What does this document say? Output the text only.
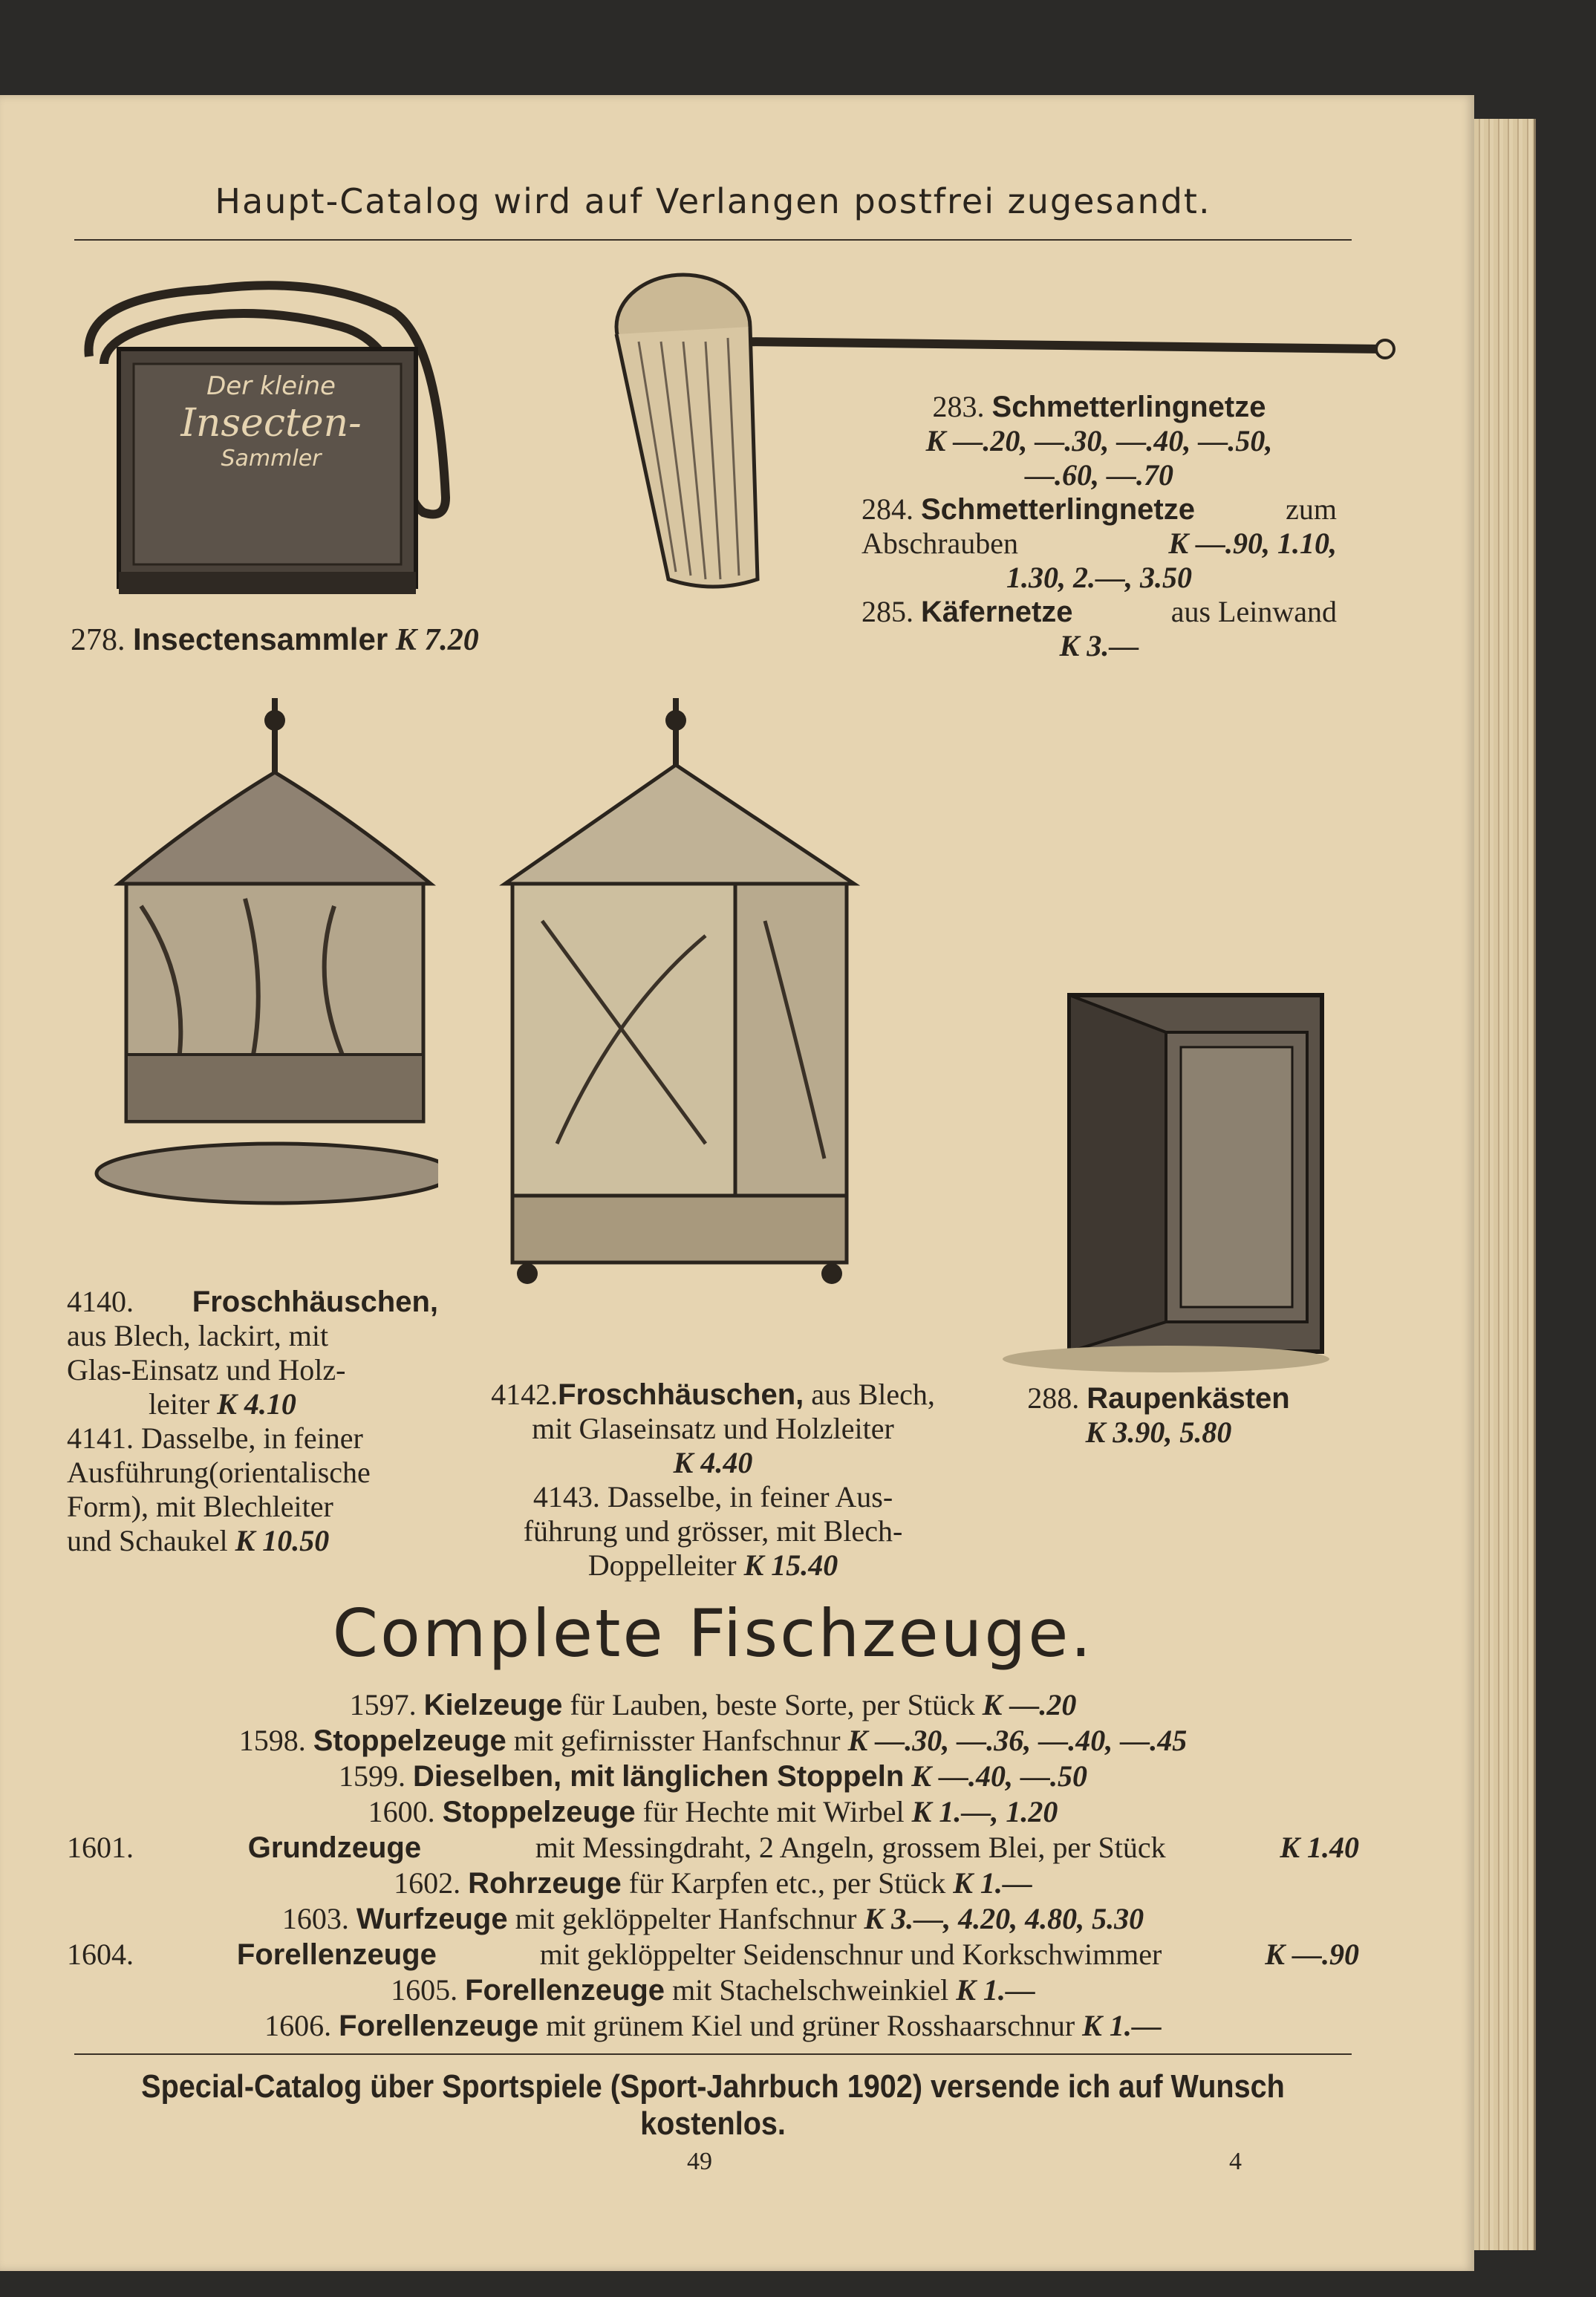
Haupt-Catalog wird auf Verlangen postfrei zugesandt.
Der kleine
Insecten-
Sammler
278. Insectensammler K 7.20
283. Schmetterlingnetze
K —.20, —.30, —.40, —.50,
—.60, —.70
284. Schmetterlingnetze	zum
Abschrauben	K —.90, 1.10,
1.30, 2.—, 3.50
285. Käfernetze	aus Leinwand
K 3.—
4140. Froschhäuschen,
aus Blech, lackirt, mit
Glas-Einsatz und Holz-
leiter K 4.10
4141. Dasselbe, in feiner
Ausführung(orientalische
Form), mit Blechleiter
und Schaukel K 10.50
4142.Froschhäuschen, aus Blech,
mit Glaseinsatz und Holzleiter
K 4.40
4143. Dasselbe, in feiner Aus-
führung und grösser, mit Blech-
Doppelleiter K 15.40
288. Raupenkästen
K 3.90, 5.80
Complete Fischzeuge.
1597. Kielzeuge für Lauben, beste Sorte, per Stück K —.20
1598. Stoppelzeuge mit gefirnisster Hanfschnur K —.30, —.36, —.40, —.45
1599. Dieselben, mit länglichen Stoppeln K —.40, —.50
1600. Stoppelzeuge für Hechte mit Wirbel K 1.—, 1.20
1601.	Grundzeuge	mit Messingdraht, 2 Angeln, grossem Blei, per Stück	K 1.40
1602. Rohrzeuge für Karpfen etc., per Stück K 1.—
1603. Wurfzeuge mit geklöppelter Hanfschnur K 3.—, 4.20, 4.80, 5.30
1604.	Forellenzeuge	mit geklöppelter Seidenschnur und Korkschwimmer	K —.90
1605. Forellenzeuge mit Stachelschweinkiel K 1.—
1606. Forellenzeuge mit grünem Kiel und grüner Rosshaarschnur K 1.—
Special-Catalog über Sportspiele (Sport-Jahrbuch 1902) versende ich auf Wunsch kostenlos.
49	4
